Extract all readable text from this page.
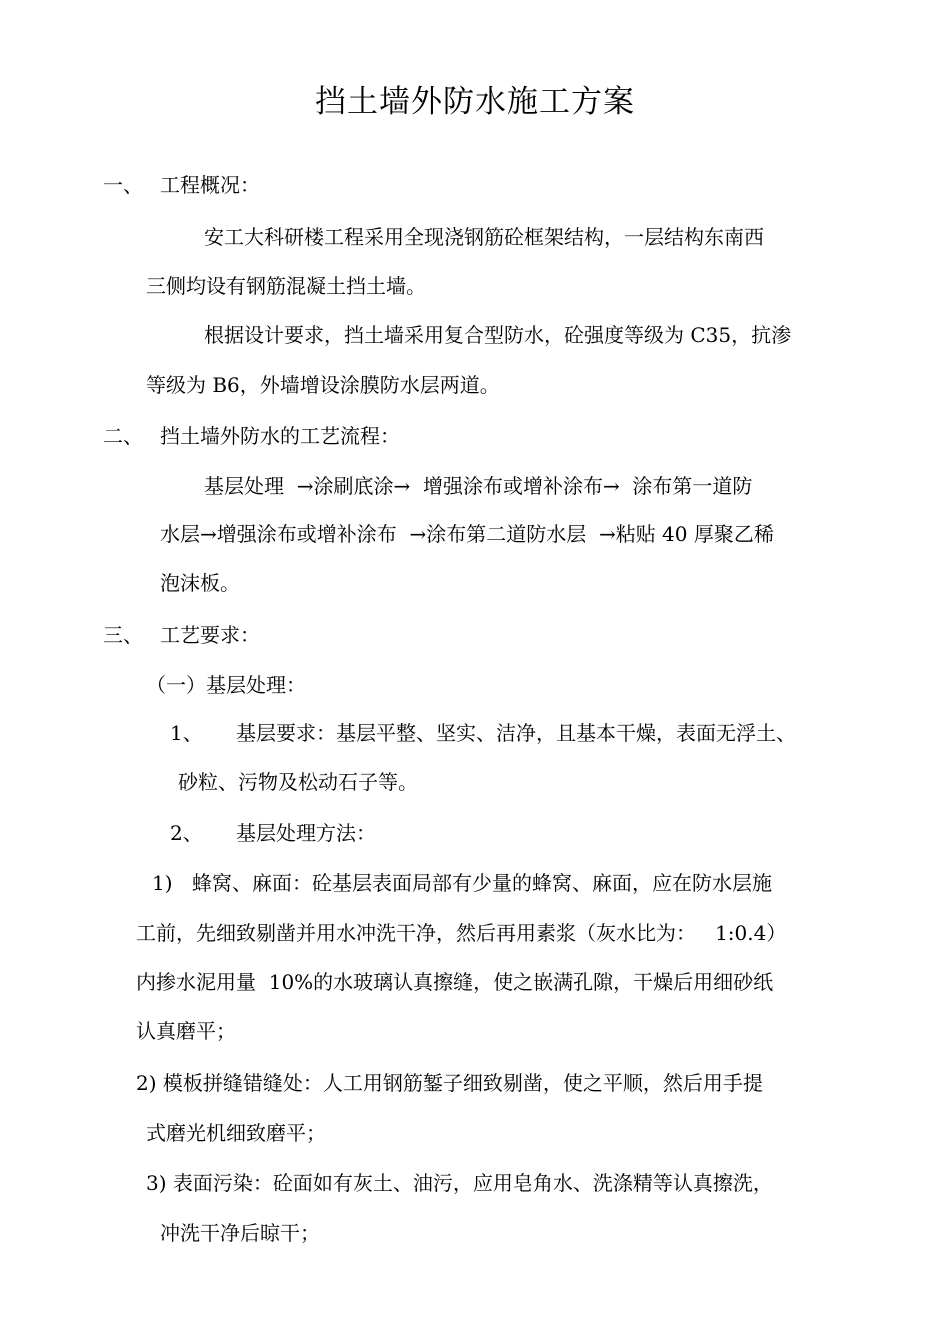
挡土墙外防水施工方案
一、 工程概况：
安工大科研楼工程采用全现浇钢筋砼框架结构，一层结构东南西
三侧均设有钢筋混凝土挡土墙。
根据设计要求，挡土墙采用复合型防水，砼强度等级为 C35，抗渗
等级为 B6，外墙增设涂膜防水层两道。
二、 挡土墙外防水的工艺流程：
基层处理  →涂刷底涂→  增强涂布或增补涂布→  涂布第一道防
水层→增强涂布或增补涂布  →涂布第二道防水层  →粘贴 40 厚聚乙稀
泡沫板。
三、 工艺要求：
（一）基层处理：
1、 基层要求：基层平整、坚实、洁净，且基本干燥，表面无浮土、
砂粒、污物及松动石子等。
2、 基层处理方法：
1) 蜂窝、麻面：砼基层表面局部有少量的蜂窝、麻面，应在防水层施
工前，先细致剔凿并用水冲洗干净，然后再用素浆（灰水比为：   1:0.4）
内掺水泥用量  10%的水玻璃认真擦缝，使之嵌满孔隙，干燥后用细砂纸
认真磨平；
2) 模板拼缝错缝处：人工用钢筋錾子细致剔凿，使之平顺，然后用手提
式磨光机细致磨平；
3) 表面污染：砼面如有灰土、油污，应用皂角水、洗涤精等认真擦洗，
冲洗干净后晾干；
